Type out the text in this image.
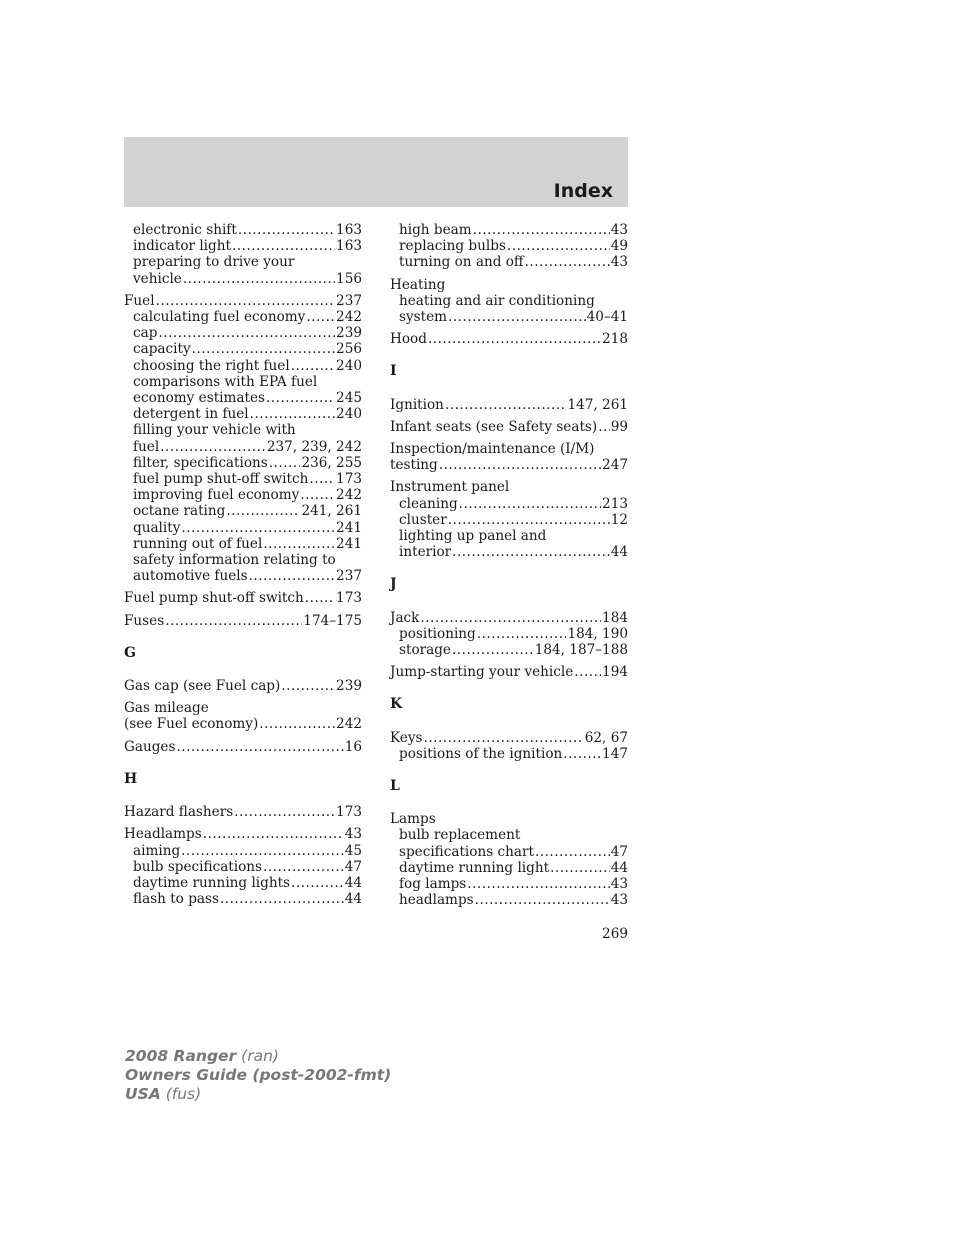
Index
electronic shift .....	163
indicator light .....	163
preparing to drive your
vehicle .....	156
Fuel .....	237
calculating fuel economy ..... 242
cap .....	239
capacity .....	256
choosing the right fuel .....	240
comparisons with EPA fuel
economy estimates .....	245
detergent in fuel .....	240
filling your vehicle with
fuel .....	237, 239, 242
filter, specifications ..... 236, 255
fuel pump shut-off switch ..... 173
improving fuel economy .....	242
octane rating .....	241, 261
quality .....	241
running out of fuel .....	241
safety information relating to
automotive fuels .....	237
Fuel pump shut-off switch ..... 173
Fuses .....	174–175
G
Gas cap (see Fuel cap) .....	239
Gas mileage
(see Fuel economy) .....	242
Gauges .....	16
H
Hazard flashers .....	173
Headlamps .....	43
aiming .....	45
bulb specifications .....	47
daytime running lights .....	44
flash to pass .....	44
high beam .....	43
replacing bulbs .....	49
turning on and off .....	43
Heating
heating and air conditioning
system .....	40–41
Hood .....	218
I
Ignition .....	147, 261
Infant seats (see Safety seats) ..... 99
Inspection/maintenance (I/M)
testing .....	247
Instrument panel
cleaning .....	213
cluster .....	12
lighting up panel and
interior .....	44
J
Jack .....	184
positioning .....	184, 190
storage .....	184, 187–188
Jump-starting your vehicle ..... 194
K
Keys .....	62, 67
positions of the ignition .....	147
L
Lamps
bulb replacement
specifications chart .....	47
daytime running light .....	44
fog lamps .....	43
headlamps .....	43
269
2008 Ranger (ran)
Owners Guide (post-2002-fmt)
USA (fus)
